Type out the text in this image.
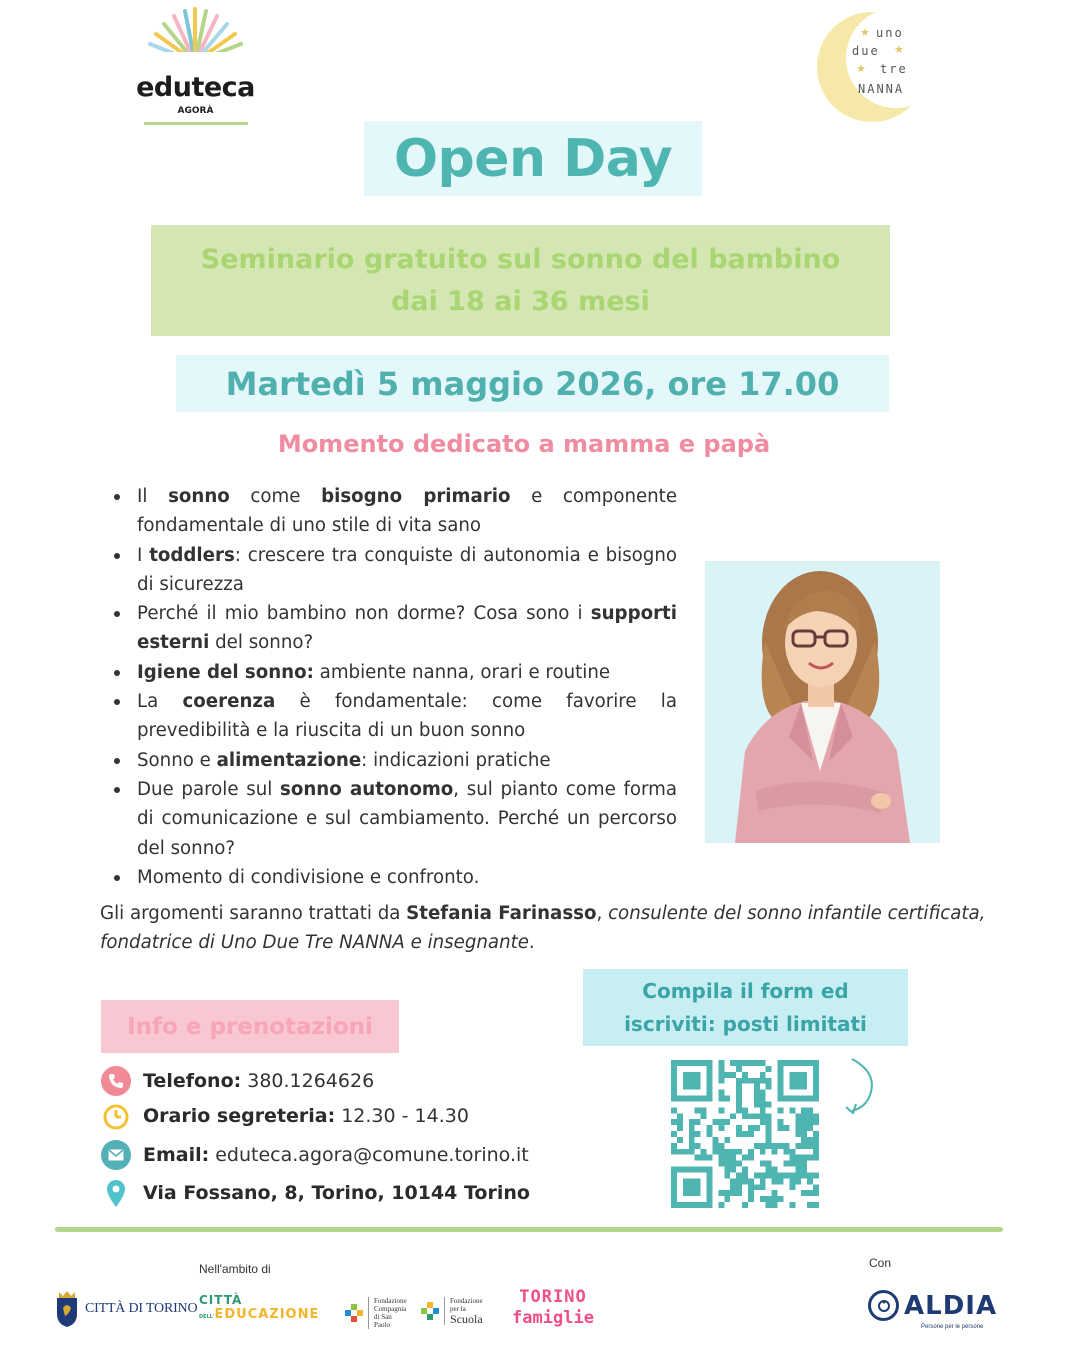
eduteca
AGORÀ
★ uno
due ★
★ tre
NANNA
Open Day
Seminario gratuito sul sonno del bambino
dai 18 ai 36 mesi
Martedì 5 maggio 2026, ore 17.00
Momento dedicato a mamma e papà
Il sonno come bisogno primario e componente fondamentale di uno stile di vita sano
I toddlers: crescere tra conquiste di autonomia e bisogno di sicurezza
Perché il mio bambino non dorme? Cosa sono i supporti esterni del sonno?
Igiene del sonno: ambiente nanna, orari e routine
La coerenza è fondamentale: come favorire la prevedibilità e la riuscita di un buon sonno
Sonno e alimentazione: indicazioni pratiche
Due parole sul sonno autonomo, sul pianto come forma di comunicazione e sul cambiamento. Perché un percorso del sonno?
Momento di condivisione e confronto.
Gli argomenti saranno trattati da Stefania Farinasso, consulente del sonno infantile certificata, fondatrice di Uno Due Tre NANNA e insegnante.
Compila il form ed
iscriviti: posti limitati
Info e prenotazioni
Telefono: 380.1264626
Orario segreteria: 12.30 - 14.30
Email: eduteca.agora@comune.torino.it
Via Fossano, 8, Torino, 10144 Torino
Nell'ambito di	Con
CITTÀ DI TORINO
CITTÀ
DELL'EDUCAZIONE
Fondazione Compagnia di San Paolo
Fondazione
per la
Scuola
TORINO
famiglie	ALDIA
Persone per le persone
